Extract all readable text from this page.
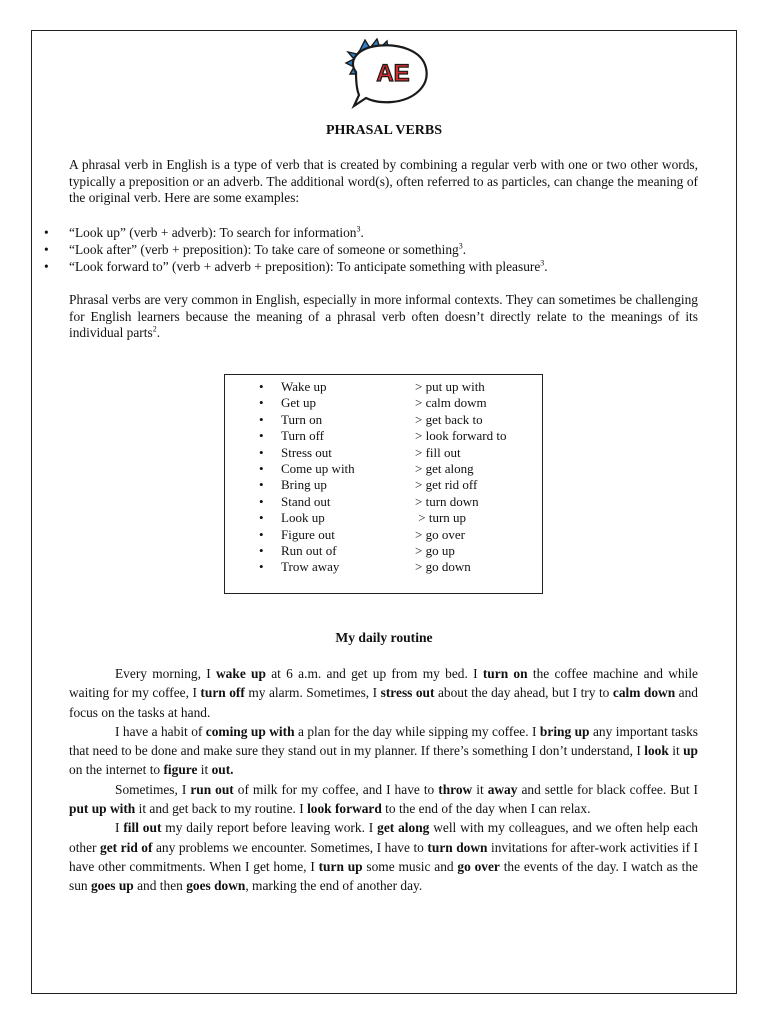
AE
PHRASAL VERBS

A phrasal verb in English is a type of verb that is created by combining a regular verb with one or two other words, typically a preposition or an adverb. The additional word(s), often referred to as particles, can change the meaning of the original verb. Here are some examples:

• “Look up” (verb + adverb): To search for information$^3$.
• “Look after” (verb + preposition): To take care of someone or something$^3$.
• “Look forward to” (verb + adverb + preposition): To anticipate something with pleasure$^3$.

Phrasal verbs are very common in English, especially in more informal contexts. They can sometimes be challenging for English learners because the meaning of a phrasal verb often doesn’t directly relate to the meanings of its individual parts$^2$.

• Wake up	> put up with
• Get up	> calm dowm
• Turn on	> get back to
• Turn off	> look forward to
• Stress out	> fill out
• Come up with	> get along
• Bring up	> get rid off
• Stand out	> turn down
• Look up	> turn up
• Figure out	> go over
• Run out of	> go up
• Trow away	> go down
My daily routine

Every morning, I wake up at 6 a.m. and get up from my bed. I turn on the coffee machine and while waiting for my coffee, I turn off my alarm. Sometimes, I stress out about the day ahead, but I try to calm down and focus on the tasks at hand.

I have a habit of coming up with a plan for the day while sipping my coffee. I bring up any important tasks that need to be done and make sure they stand out in my planner. If there’s something I don’t understand, I look it up on the internet to figure it out.

Sometimes, I run out of milk for my coffee, and I have to throw it away and settle for black coffee. But I put up with it and get back to my routine. I look forward to the end of the day when I can relax.

I fill out my daily report before leaving work. I get along well with my colleagues, and we often help each other get rid of any problems we encounter. Sometimes, I have to turn down invitations for after-work activities if I have other commitments. When I get home, I turn up some music and go over the events of the day. I watch as the sun goes up and then goes down, marking the end of another day.
